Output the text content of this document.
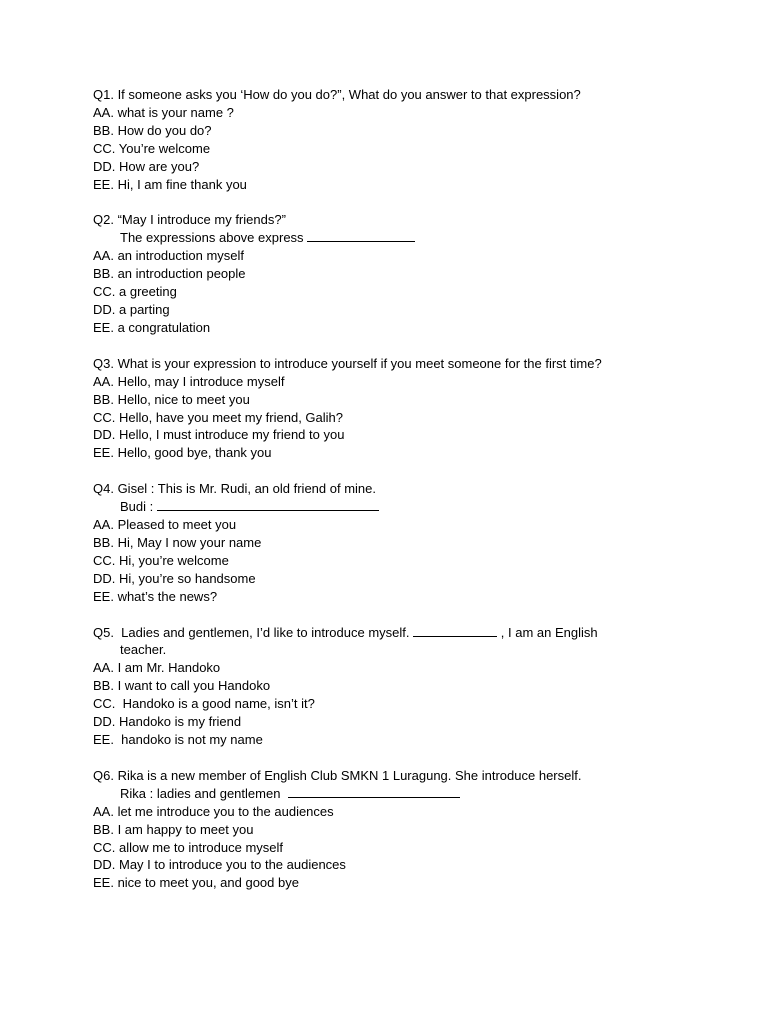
Q1. If someone asks you ‘How do you do?”, What do you answer to that expression?
AA. what is your name ?
BB. How do you do?
CC. You’re welcome
DD. How are you?
EE. Hi, I am fine thank you
Q2. “May I introduce my friends?”
The expressions above express
AA. an introduction myself
BB. an introduction people
CC. a greeting
DD. a parting
EE. a congratulation
Q3. What is your expression to introduce yourself if you meet someone for the first time?
AA. Hello, may I introduce myself
BB. Hello, nice to meet you
CC. Hello, have you meet my friend, Galih?
DD. Hello, I must introduce my friend to you
EE. Hello, good bye, thank you
Q4. Gisel : This is Mr. Rudi, an old friend of mine.
Budi :
AA. Pleased to meet you
BB. Hi, May I now your name
CC. Hi, you’re welcome
DD. Hi, you’re so handsome
EE. what’s the news?
Q5.  Ladies and gentlemen, I’d like to introduce myself.	, I am an English
teacher.
AA. I am Mr. Handoko
BB. I want to call you Handoko
CC.  Handoko is a good name, isn’t it?
DD. Handoko is my friend
EE.  handoko is not my name
Q6. Rika is a new member of English Club SMKN 1 Luragung. She introduce herself.
Rika : ladies and gentlemen
AA. let me introduce you to the audiences
BB. I am happy to meet you
CC. allow me to introduce myself
DD. May I to introduce you to the audiences
EE. nice to meet you, and good bye
